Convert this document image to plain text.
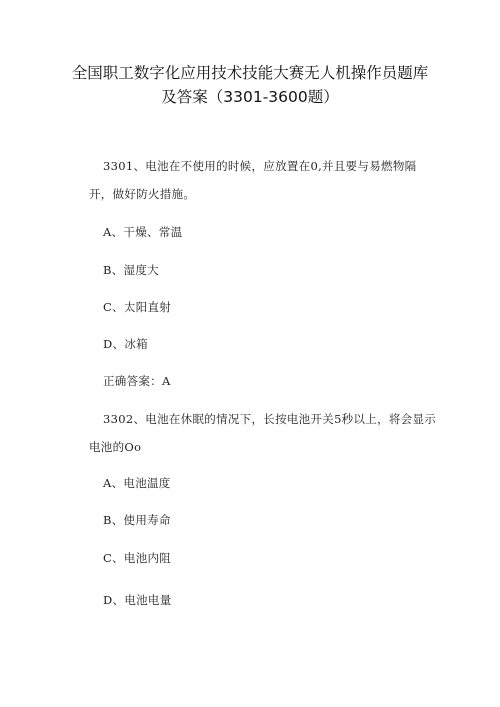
全国职工数字化应用技术技能大赛无人机操作员题库
及答案（3301-3600题）
3301、电池在不使用的时候，应放置在0,并且要与易燃物隔
开，做好防火措施。
A、干燥、常温
B、湿度大
C、太阳直射
D、冰箱
正确答案：A
3302、电池在休眠的情况下，长按电池开关5秒以上，将会显示
电池的Oo
A、电池温度
B、使用寿命
C、电池内阻
D、电池电量
